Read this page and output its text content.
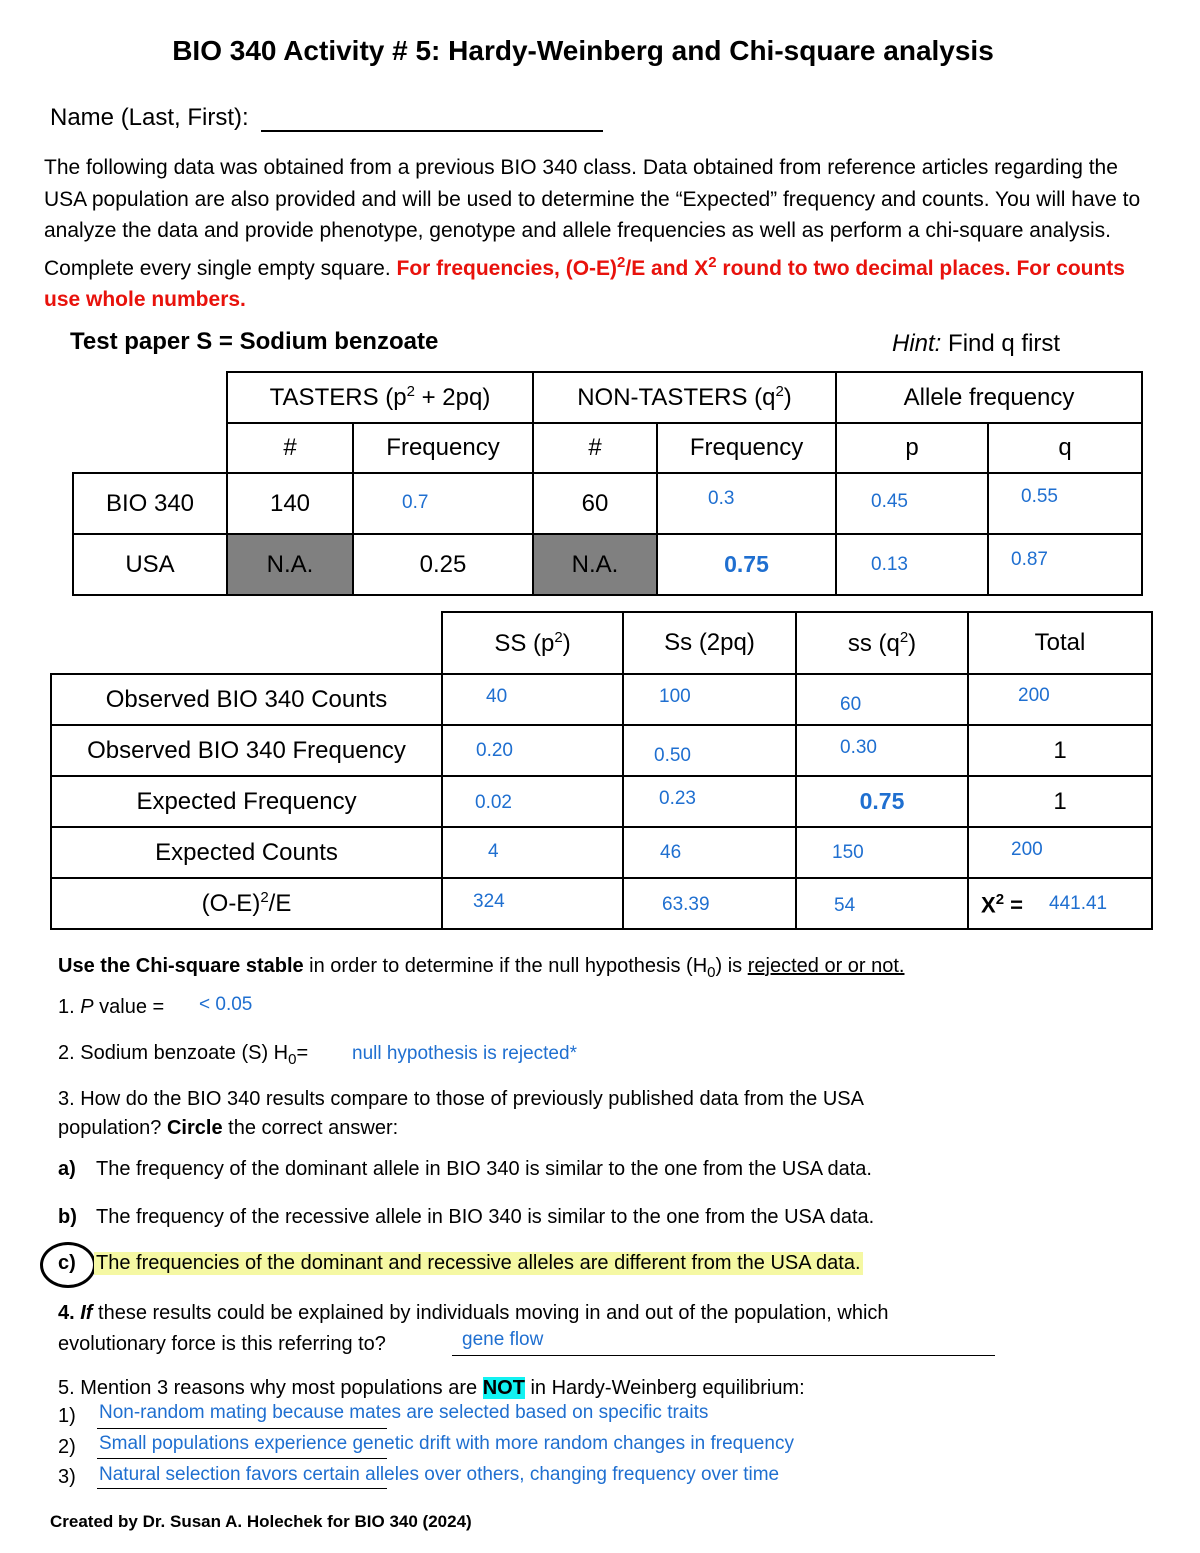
BIO 340 Activity # 5: Hardy-Weinberg and Chi-square analysis
Name (Last, First):
The following data was obtained from a previous BIO 340 class. Data obtained from reference articles regarding the USA population are also provided and will be used to determine the “Expected” frequency and counts. You will have to analyze the data and provide phenotype, genotype and allele frequencies as well as perform a chi-square analysis. Complete every single empty square. For frequencies, $(O-E)^2/E$ and $X^2$ round to two decimal places. For counts use whole numbers.
Test paper S = Sodium benzoate	Hint: Find q first
	TASTERS $(p^2 + 2pq)$		NON-TASTERS $(q^2)$		Allele frequency	
	#	Frequency	#	Frequency	p	q
BIO 340	140	0.7	60	0.3	0.45	0.55

USA	N.A.	0.25	N.A.	0.75	0.13	0.87
	SS $(p^2)$	Ss (2pq)	ss $(q^2)$	Total
Observed BIO 340 Counts	40	100	60	200

Observed BIO 340 Frequency	0.20	0.50	0.30	1
Expected Frequency	0.02	0.23	0.75	1
Expected Counts	4	46	150	200

$(O-E)^2/E$	324	63.39	54	$X^2 = 441.41$
Use the Chi-square stable in order to determine if the null hypothesis $(H_0)$ is rejected or or not.
1. P value = < 0.05
2. Sodium benzoate (S) $H_0=$ null hypothesis is rejected*
3. How do the BIO 340 results compare to those of previously published data from the USA
population? Circle the correct answer:
a) The frequency of the dominant allele in BIO 340 is similar to the one from the USA data.
b) The frequency of the recessive allele in BIO 340 is similar to the one from the USA data.
c) The frequencies of the dominant and recessive alleles are different from the USA data.
4. If these results could be explained by individuals moving in and out of the population, which
evolutionary force is this referring to?	gene flow
5. Mention 3 reasons why most populations are NOT in Hardy-Weinberg equilibrium:
1) Non-random mating because mates are selected based on specific traits
2) Small populations experience genetic drift with more random changes in frequency
3) Natural selection favors certain alleles over others, changing frequency over time
Created by Dr. Susan A. Holechek for BIO 340 (2024)
